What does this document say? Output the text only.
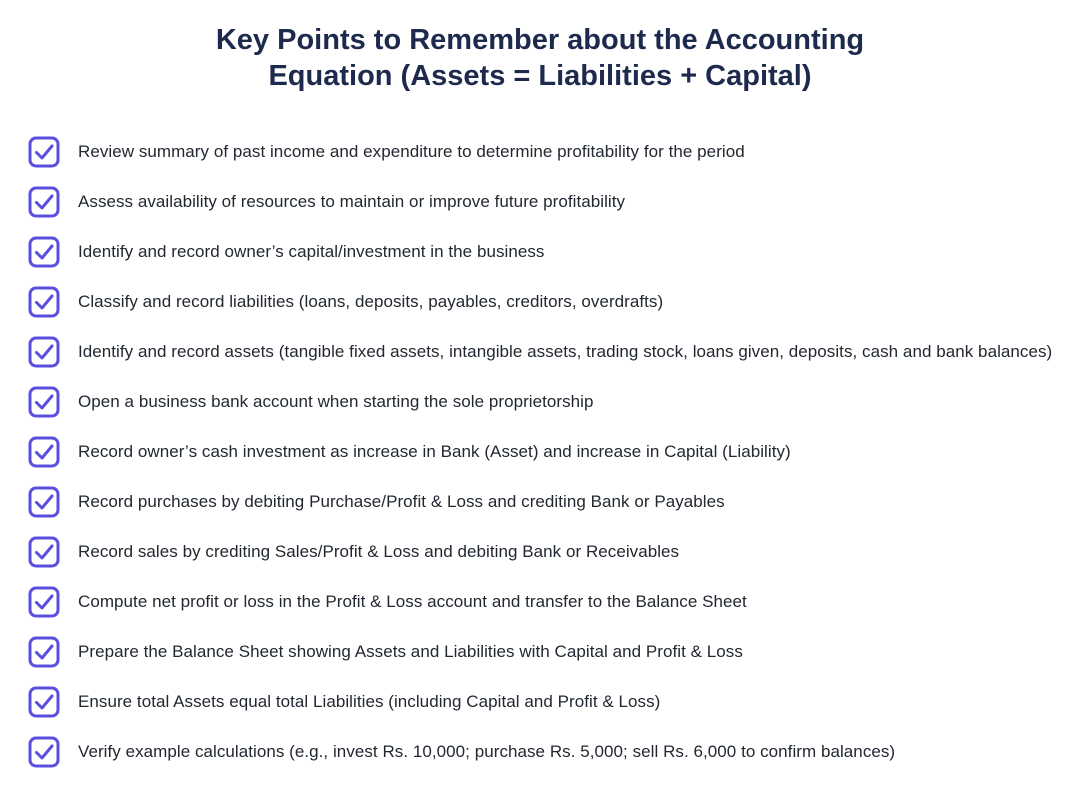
Key Points to Remember about the Accounting
Equation (Assets = Liabilities + Capital)
Review summary of past income and expenditure to determine profitability for the period
Assess availability of resources to maintain or improve future profitability
Identify and record owner’s capital/investment in the business
Classify and record liabilities (loans, deposits, payables, creditors, overdrafts)
Identify and record assets (tangible fixed assets, intangible assets, trading stock, loans given, deposits, cash and bank balances)
Open a business bank account when starting the sole proprietorship
Record owner’s cash investment as increase in Bank (Asset) and increase in Capital (Liability)
Record purchases by debiting Purchase/Profit & Loss and crediting Bank or Payables
Record sales by crediting Sales/Profit & Loss and debiting Bank or Receivables
Compute net profit or loss in the Profit & Loss account and transfer to the Balance Sheet
Prepare the Balance Sheet showing Assets and Liabilities with Capital and Profit & Loss
Ensure total Assets equal total Liabilities (including Capital and Profit & Loss)
Verify example calculations (e.g., invest Rs. 10,000; purchase Rs. 5,000; sell Rs. 6,000 to confirm balances)
